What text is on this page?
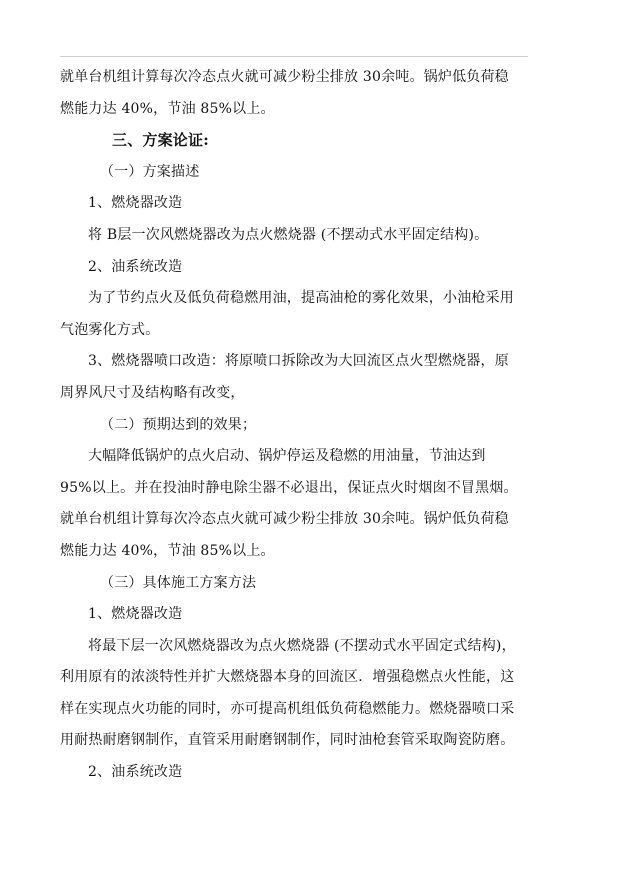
就单台机组计算每次冷态点火就可减少粉尘排放 30余吨。锅炉低负荷稳
燃能力达 40%，节油 85%以上。
三、方案论证:
（一）方案描述
1、燃烧器改造
将 B层一次风燃烧器改为点火燃烧器 (不摆动式水平固定结构)。
2、油系统改造
为了节约点火及低负荷稳燃用油，提高油枪的雾化效果，小油枪采用
气泡雾化方式。
3、燃烧器喷口改造：将原喷口拆除改为大回流区点火型燃烧器，原
周界风尺寸及结构略有改变，
（二）预期达到的效果；
大幅降低锅炉的点火启动、锅炉停运及稳燃的用油量，节油达到
95%以上。并在投油时静电除尘器不必退出，保证点火时烟囱不冒黑烟。
就单台机组计算每次冷态点火就可减少粉尘排放 30余吨。锅炉低负荷稳
燃能力达 40%，节油 85%以上。
（三）具体施工方案方法
1、燃烧器改造
将最下层一次风燃烧器改为点火燃烧器 (不摆动式水平固定式结构)，
利用原有的浓淡特性并扩大燃烧器本身的回流区．增强稳燃点火性能，这
样在实现点火功能的同时，亦可提高机组低负荷稳燃能力。燃烧器喷口采
用耐热耐磨钢制作，直管采用耐磨钢制作，同时油枪套管采取陶瓷防磨。
2、油系统改造
